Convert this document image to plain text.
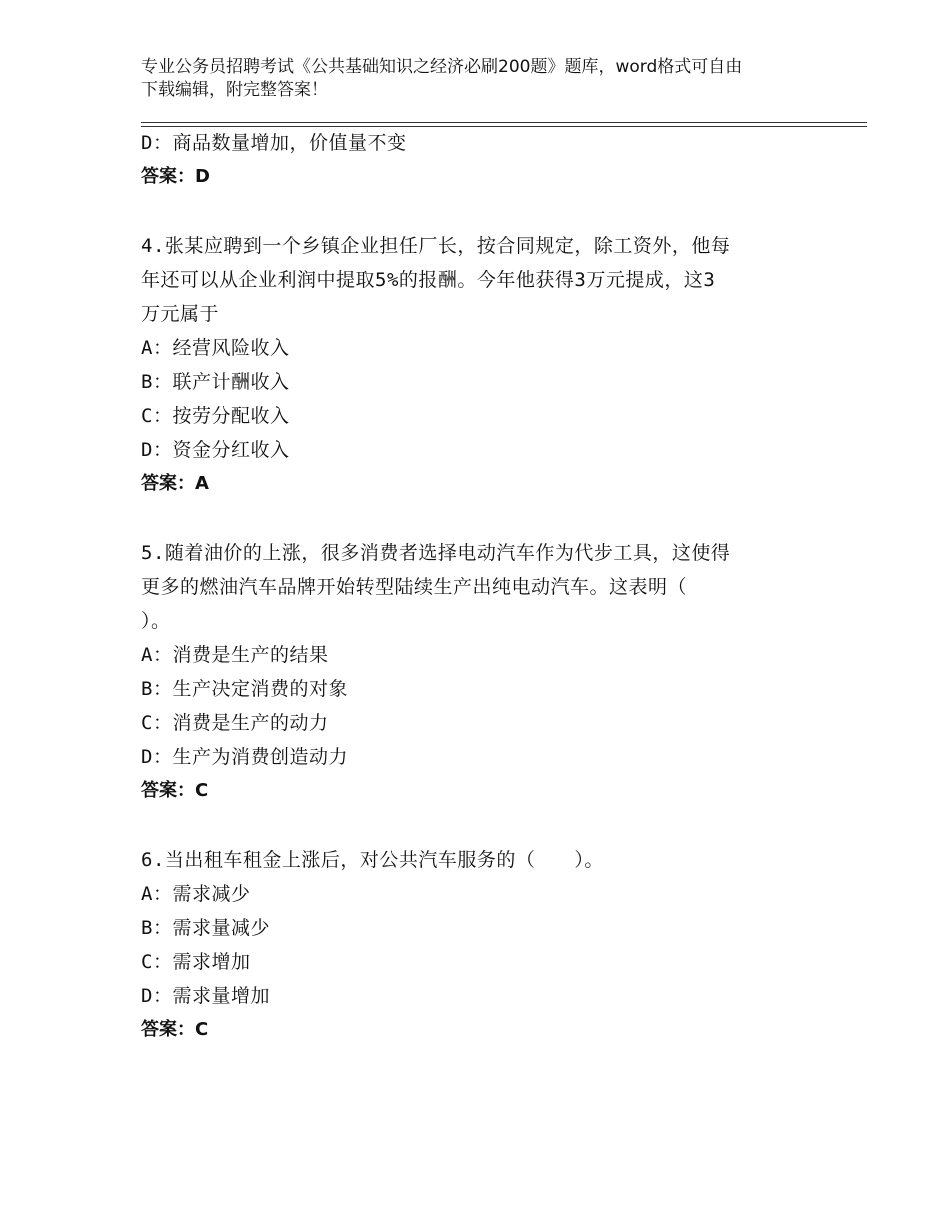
专业公务员招聘考试《公共基础知识之经济必刷200题》题库，word格式可自由
下载编辑，附完整答案！
D：商品数量增加，价值量不变
答案：D
4.张某应聘到一个乡镇企业担任厂长，按合同规定，除工资外，他每
年还可以从企业利润中提取5%的报酬。今年他获得3万元提成，这3
万元属于
A：经营风险收入
B：联产计酬收入
C：按劳分配收入
D：资金分红收入
答案：A
5.随着油价的上涨，很多消费者选择电动汽车作为代步工具，这使得
更多的燃油汽车品牌开始转型陆续生产出纯电动汽车。这表明（
）。
A：消费是生产的结果
B：生产决定消费的对象
C：消费是生产的动力
D：生产为消费创造动力
答案：C
6.当出租车租金上涨后，对公共汽车服务的（　　）。
A：需求减少
B：需求量减少
C：需求增加
D：需求量增加
答案：C
